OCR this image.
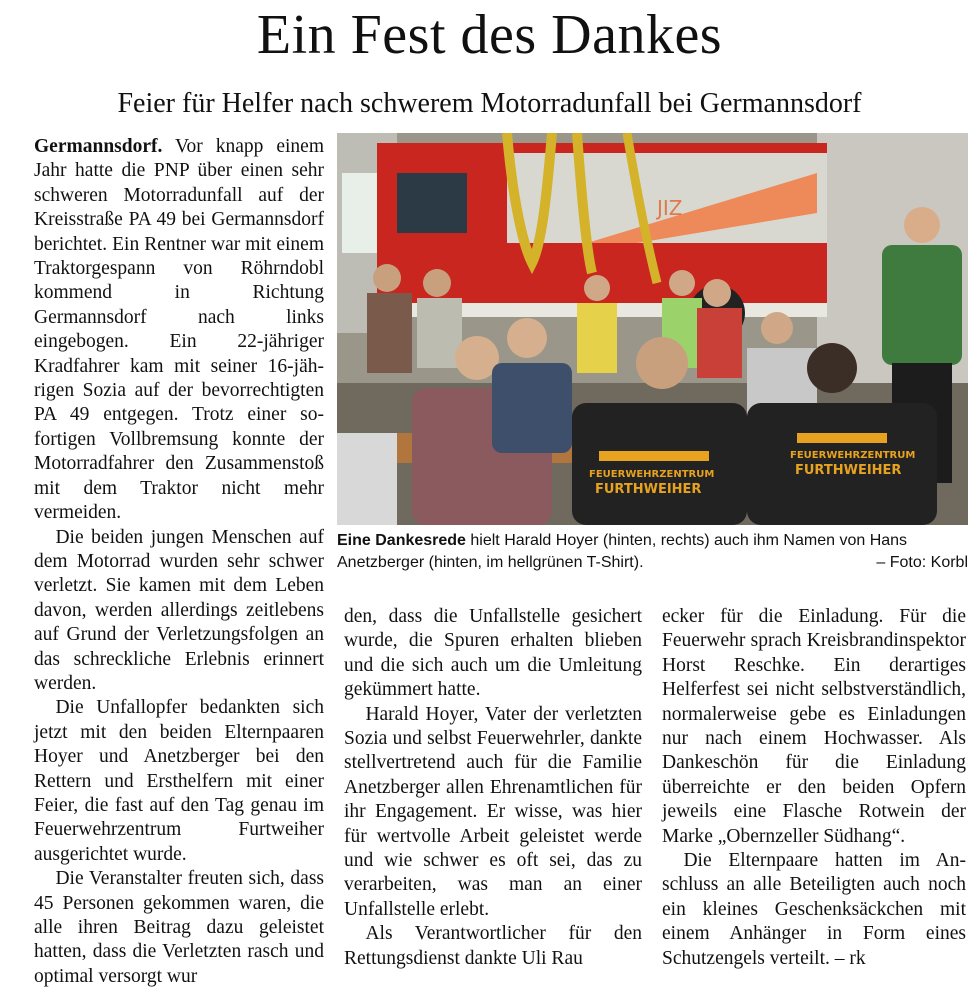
Ein Fest des Dankes
Feier für Helfer nach schwerem Motorradunfall bei Germannsdorf

Germannsdorf. Vor knapp einem Jahr hatte die PNP über einen sehr schweren Motorradunfall auf der Kreisstraße PA 49 bei Germannsdorf berichtet. Ein Rentner war mit einem Traktorgespann von Röhrndobl kommend in Richtung Germannsdorf nach links eingebogen. Ein 22-jähriger Kradfahrer kam mit seiner 16-jährigen Sozia auf der bevorrechtigten PA 49 entgegen. Trotz einer sofortigen Vollbremsung konnte der Motorradfahrer den Zusammenstoß mit dem Traktor nicht mehr vermeiden.

Die beiden jungen Menschen auf dem Motorrad wurden sehr schwer verletzt. Sie kamen mit dem Leben davon, werden allerdings zeitlebens auf Grund der Verletzungsfolgen an das schreckliche Erlebnis erinnert werden.

Die Unfallopfer bedankten sich jetzt mit den beiden Elternpaaren Hoyer und Anetzberger bei den Rettern und Ersthelfern mit einer Feier, die fast auf den Tag genau im Feuerwehrzentrum Furtweiher ausgerichtet wurde.

Die Veranstalter freuten sich, dass 45 Personen gekommen waren, die alle ihren Beitrag dazu geleistet hatten, dass die Verletzten rasch und optimal versorgt wur

JIZ
FEUERWEHRZENTRUM
FURTHWEIHER
FEUERWEHRZENTRUM
FURTHWEIHER
Eine Dankesrede hielt Harald Hoyer (hinten, rechts) auch ihm Namen von Hans Anetzberger (hinten, im hellgrünen T-Shirt).	– Foto: Korbl

den, dass die Unfallstelle gesichert wurde, die Spuren erhalten blieben und die sich auch um die Umleitung gekümmert hatte.

Harald Hoyer, Vater der verletzten Sozia und selbst Feuerwehrler, dankte stellvertretend auch für die Familie Anetzberger allen Ehrenamtlichen für ihr Engagement. Er wisse, was hier für wertvolle Arbeit geleistet werde und wie schwer es oft sei, das zu verarbeiten, was man an einer Unfallstelle erlebt.

Als Verantwortlicher für den Rettungsdienst dankte Uli Rau

ecker für die Einladung. Für die Feuerwehr sprach Kreisbrandinspektor Horst Reschke. Ein derartiges Helferfest sei nicht selbstverständlich, normalerweise gebe es Einladungen nur nach einem Hochwasser. Als Dankeschön für die Einladung überreichte er den beiden Opfern jeweils eine Flasche Rotwein der Marke „Obernzeller Südhang“.

Die Elternpaare hatten im Anschluss an alle Beteiligten auch noch ein kleines Geschenksäckchen mit einem Anhänger in Form eines Schutzengels verteilt. – rk
